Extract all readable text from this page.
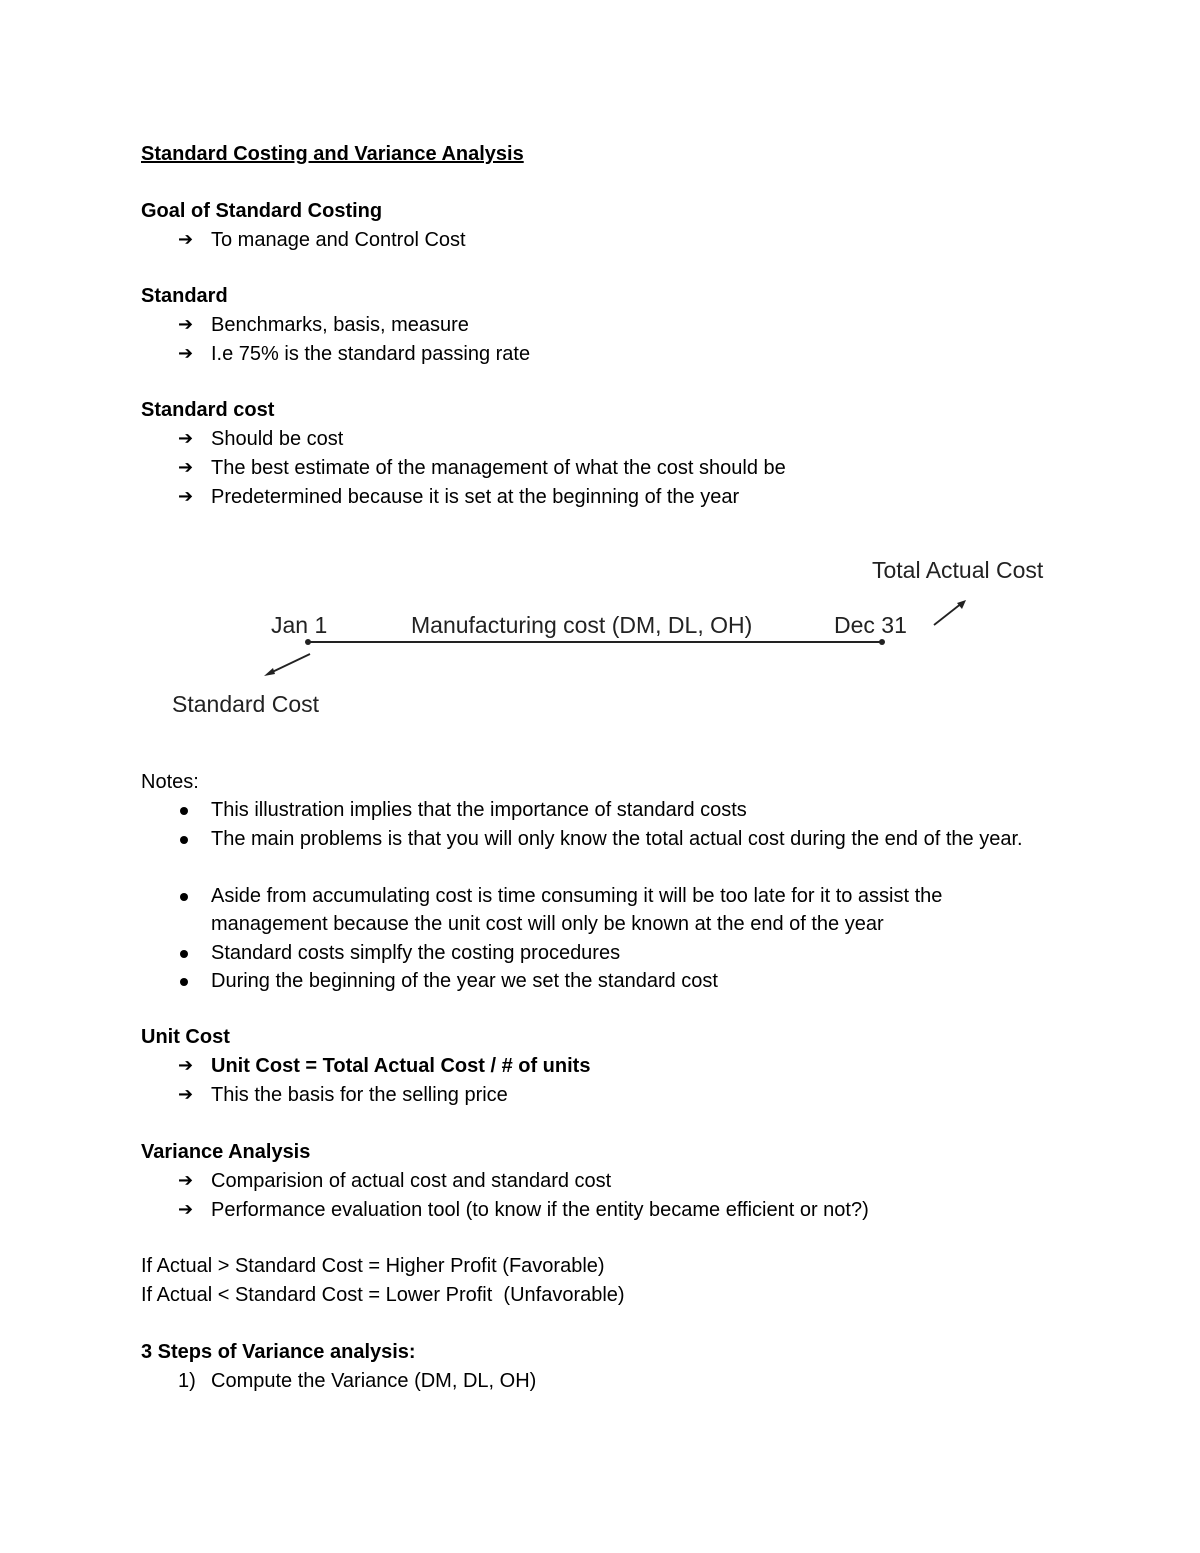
Standard Costing and Variance Analysis
Goal of Standard Costing
➔ To manage and Control Cost
Standard
➔ Benchmarks, basis, measure
➔ I.e 75% is the standard passing rate
Standard cost
➔ Should be cost
➔ The best estimate of the management of what the cost should be
➔ Predetermined because it is set at the beginning of the year
Jan 1	Manufacturing cost (DM, DL, OH)	Dec 31
Standard Cost
Total Actual Cost
Notes:
This illustration implies that the importance of standard costs
The main problems is that you will only know the total actual cost during the end of the year.
Aside from accumulating cost is time consuming it will be too late for it to assist the management because the unit cost will only be known at the end of the year
Standard costs simplfy the costing procedures
During the beginning of the year we set the standard cost
Unit Cost
➔ Unit Cost = Total Actual Cost / # of units
➔ This the basis for the selling price
Variance Analysis
➔ Comparision of actual cost and standard cost
➔ Performance evaluation tool (to know if the entity became efficient or not?)
If Actual > Standard Cost = Higher Profit (Favorable)
If Actual < Standard Cost = Lower Profit  (Unfavorable)
3 Steps of Variance analysis:
1) Compute the Variance (DM, DL, OH)
